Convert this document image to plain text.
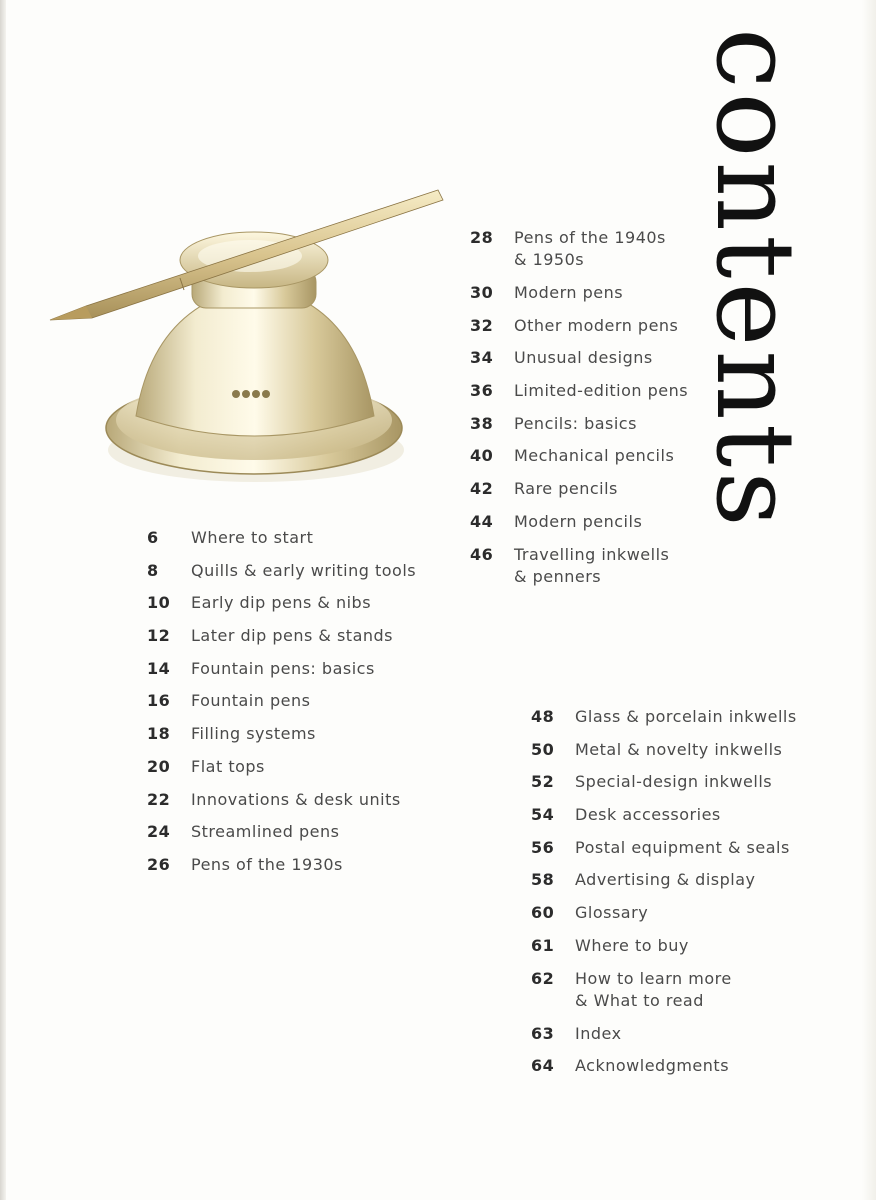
6	Where to start
8	Quills & early writing tools
10	Early dip pens & nibs
12	Later dip pens & stands
14	Fountain pens: basics
16	Fountain pens
18	Filling systems
20	Flat tops
22	Innovations & desk units
24	Streamlined pens
26	Pens of the 1930s
28	Pens of the 1940s
& 1950s
30	Modern pens
32	Other modern pens
34	Unusual designs
36	Limited-edition pens
38	Pencils: basics
40	Mechanical pencils
42	Rare pencils
44	Modern pencils
46	Travelling inkwells
& penners
48	Glass & porcelain inkwells
50	Metal & novelty inkwells
52	Special-design inkwells
54	Desk accessories
56	Postal equipment & seals
58	Advertising & display
60	Glossary
61	Where to buy
62	How to learn more
& What to read
63	Index
64	Acknowledgments
contents
